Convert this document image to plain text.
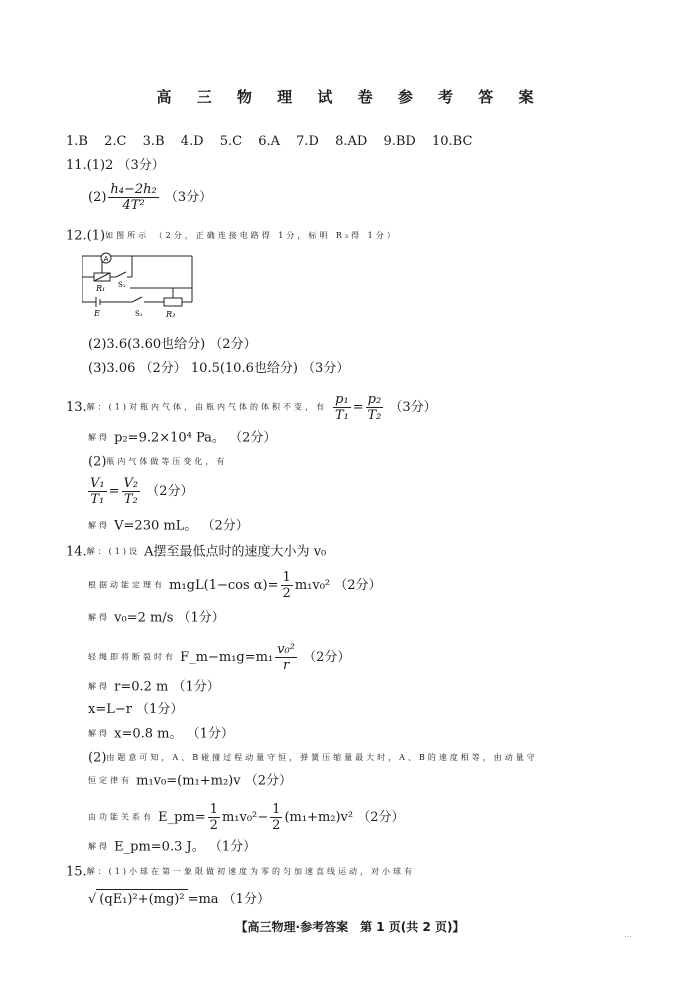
高 三 物 理 试 卷 参 考 答 案
1.B 2.C 3.B 4.D 5.C 6.A 7.D 8.AD 9.BD 10.BC
11.(1)2 （3分）
$(2) \frac{\text{h₄−2h₂}}{\text{4T²}} (3$分）
12.(1)如图所示 （2分，正确连接电路得 1分，标明 R₃得 1分）
A
R₁ S₁
E	S₂	R₃
(2)3.6(3.60也给分) （2分）
(3)3.06 （2分） 10.5(10.6也给分) （3分）
13.解：(1)对瓶内气体，由瓶内气体的体积不变，有 $\frac{\text{p₁}}{\text{T₁}} = \frac{\text{p₂}}{\text{T₂}} (3$分）
解得 p₂=9.2×10⁴ Pa。 （2分）
(2)瓶内气体做等压变化，有
$\frac{\text{V₁}}{\text{T₁}} = \frac{\text{V₂}}{\text{T₂}} (2$分）
解得 V=230 mL。 （2分）
14.解：(1)设 A摆至最低点时的速度大小为 v₀
根据动能定理有 m₁gL(1−cos $\alpha)= \frac{1}{2} m_1v_0^2$ （2分）
解得 v₀=2 m/s （1分）
轻绳即将断裂时有 F_m−m₁g=m₁ $\frac{\text{v₀²}}{r} (2$分）
解得 r=0.2 m （1分）
x=L−r （1分）
解得 x=0.8 m。 （1分）
(2)由题意可知，A、B碰撞过程动量守恒，弹簧压缩量最大时，A、B的速度相等，由动量守
恒定律有 m₁v₀=(m₁+m₂)v （2分）
由功能关系有 E_pm= $\frac{1}{2} m_1v_0^2- \frac{1}{2} (m_1+m_2)v^2$ （2分）
解得 E_pm=0.3 J。 （1分）
15.解：(1)小球在第一象限做初速度为零的匀加速直线运动，对小球有
√ (qE₁)²+(mg)² =ma （1分）
【高三物理·参考答案　第 1 页(共 2 页)】
…
